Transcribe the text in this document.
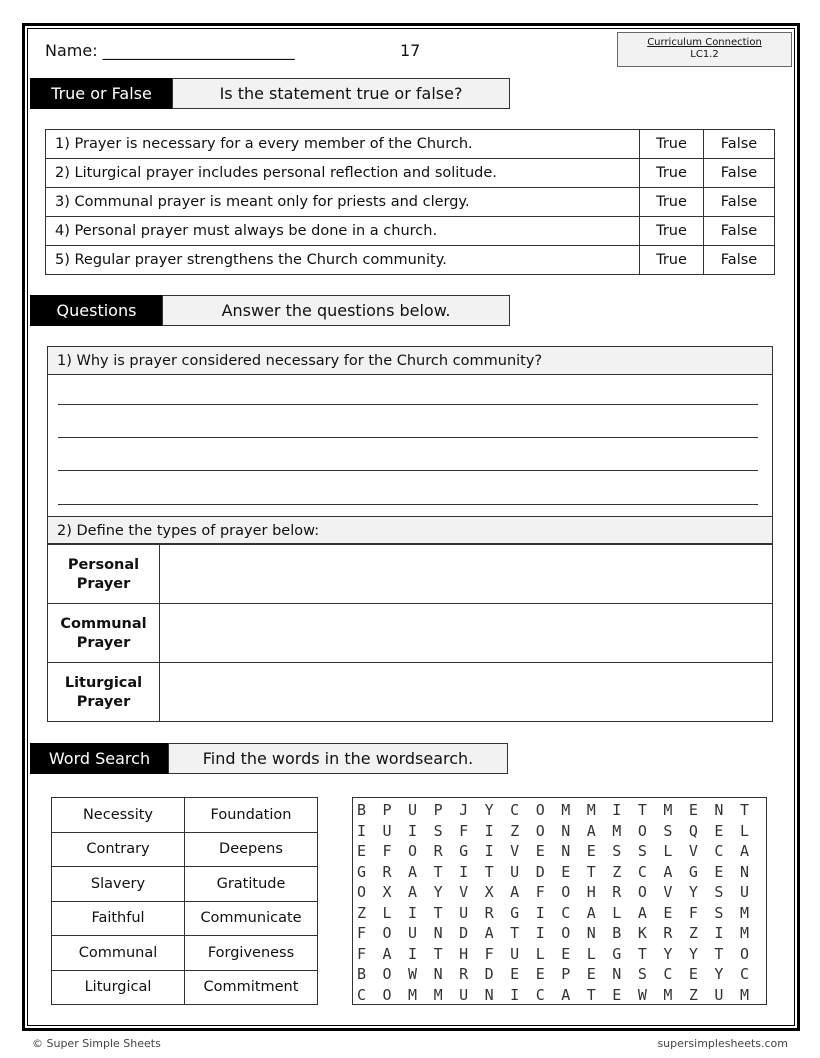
Name: ________________________	17	Curriculum Connection
LC1.2
True or False	Is the statement true or false?
1) Prayer is necessary for a every member of the Church.	True	False
2) Liturgical prayer includes personal reflection and solitude.	True	False
3) Communal prayer is meant only for priests and clergy.	True	False
4) Personal prayer must always be done in a church.	True	False
5) Regular prayer strengthens the Church community.	True	False
Questions	Answer the questions below.
1) Why is prayer considered necessary for the Church community?
2) Define the types of prayer below:
Personal
Prayer
Communal
Prayer
Liturgical
Prayer
Word Search	Find the words in the wordsearch.
Necessity	Foundation
Contrary	Deepens
Slavery	Gratitude
Faithful	Communicate
Communal	Forgiveness
Liturgical	Commitment
BPUPJYCOMMITMENT
IUISFIZONAMOSQEL
EFORGIVENESSLVCA
GRATITUDETZCAGEN
OXAYVXAFOHROVYSU
ZLITURGICALAEFSM
FOUNDATIONBKRZIM
FAITHFULELGTYYTO
BOWNRDEEPENSCEYC
COMMUNICATEWMZUM
© Super Simple Sheets	supersimplesheets.com
